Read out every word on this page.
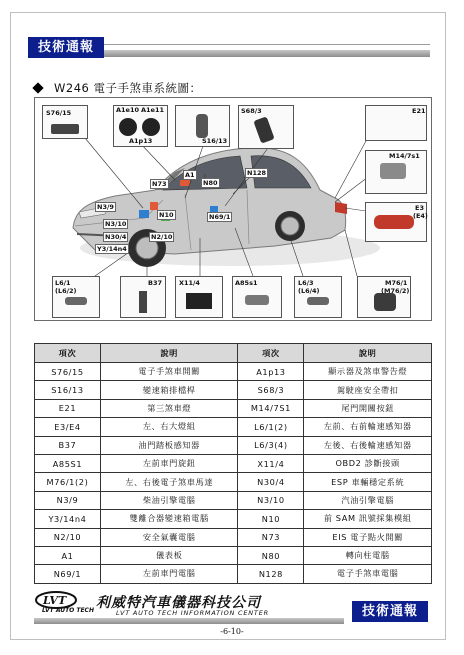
技術通報
W246 電子手煞車系統圖：
S76/15	A1e10 A1e11
A1p13	S16/13
S68/3	E21
M14/7s1
E3
(E4)
N73
A1
N80
N128
N3/9
N3/10
N30/4
Y3/14n4
N2/10
N10	N69/1
L6/1
(L6/2)
B37	X11/4	A85s1	L6/3
(L6/4)
M76/1
(M76/2)
項次	說明	項次	說明
S76/15	電子手煞車開關	A1p13	顯示器及煞車警告燈
S16/13	變速箱排檔桿	S68/3	駕駛座安全帶扣
E21	第三煞車燈	M14/7S1	尾門開關按鈕
E3/E4	左、右大燈組	L6/1(2)	左前、右前輪速感知器
B37	油門踏板感知器	L6/3(4)	左後、右後輪速感知器
A85S1	左前車門旋鈕	X11/4	OBD2 診斷接頭
M76/1(2)	左、右後電子煞車馬達	N30/4	ESP 車輛穩定系統
N3/9	柴油引擎電腦	N3/10	汽油引擎電腦
Y3/14n4	雙離合器變速箱電腦	N10	前 SAM 訊號採集模組
N2/10	安全氣囊電腦	N73	EIS 電子點火開關
A1	儀表板	N80	轉向柱電腦
N69/1	左前車門電腦	N128	電子手煞車電腦
LVT
LVT AUTO TECH 利威特汽車儀器科技公司
LVT AUTO TECH INFORMATION CENTER	技術通報
-6-10-
